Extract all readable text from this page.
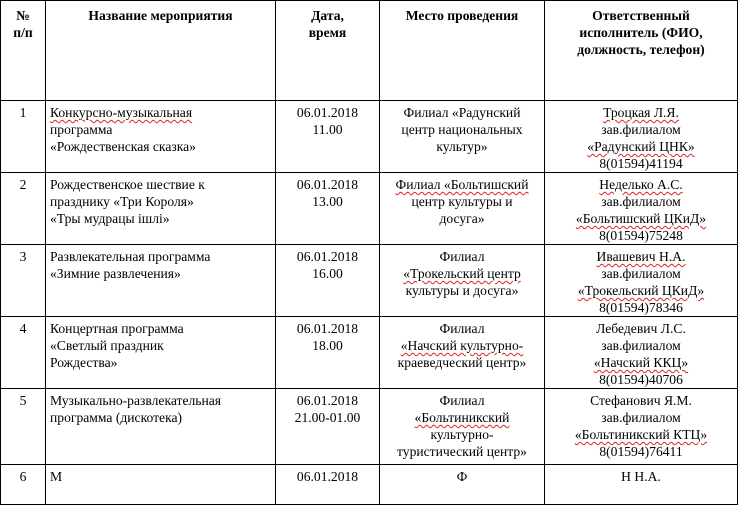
№
п/п	Название мероприятия	Дата,
время	Место проведения	Ответственный
исполнитель (ФИО,
должность, телефон)

1	Конкурсно-музыкальная
программа
«Рождественская сказка»	06.01.2018
11.00	Филиал «Радунский
центр национальных
культур»	Троцкая Л.Я.
зав.филиалом
«Радунский ЦНК»
8(01594)41194

2	Рождественское шествие к
празднику «Три Короля»
«Тры мудрацы ішлі»	06.01.2018
13.00	Филиал «Больтишский
центр культуры и
досуга»	Неделько А.С.
зав.филиалом
«Больтишский ЦКиД»
8(01594)75248

3	Развлекательная программа
«Зимние развлечения»	06.01.2018
16.00	Филиал
«Трокельский центр
культуры и досуга»	Ивашевич Н.А.
зав.филиалом
«Трокельский ЦКиД»
8(01594)78346

4	Концертная программа
«Светлый праздник
Рождества»	06.01.2018
18.00	Филиал
«Начский культурно-
краеведческий центр»	Лебедевич Л.С.
зав.филиалом
«Начский ККЦ»
8(01594)40706

5	Музыкально-развлекательная
программа (дискотека)	06.01.2018
21.00-01.00	Филиал
«Больтиникский
культурно-
туристический центр»	Стефанович Я.М.
зав.филиалом
«Больтиникский КТЦ»
8(01594)76411

6	М	06.01.2018	Ф	Н Н.А.
